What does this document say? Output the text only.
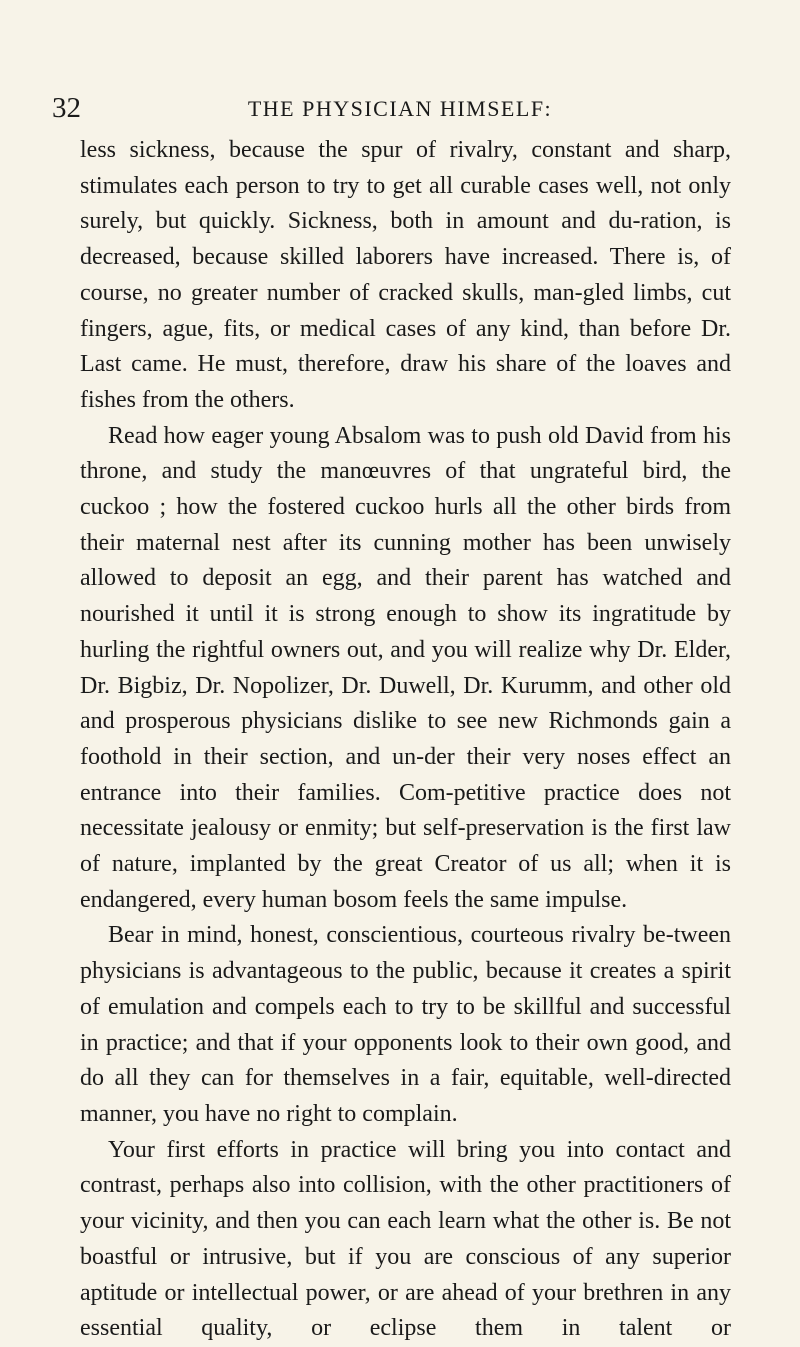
32	THE PHYSICIAN HIMSELF:

less sickness, because the spur of rivalry, constant and sharp, stimulates each person to try to get all curable cases well, not only surely, but quickly. Sickness, both in amount and du-ration, is decreased, because skilled laborers have increased. There is, of course, no greater number of cracked skulls, man-gled limbs, cut fingers, ague, fits, or medical cases of any kind, than before Dr. Last came. He must, therefore, draw his share of the loaves and fishes from the others.

Read how eager young Absalom was to push old David from his throne, and study the manœuvres of that ungrateful bird, the cuckoo ; how the fostered cuckoo hurls all the other birds from their maternal nest after its cunning mother has been unwisely allowed to deposit an egg, and their parent has watched and nourished it until it is strong enough to show its ingratitude by hurling the rightful owners out, and you will realize why Dr. Elder, Dr. Bigbiz, Dr. Nopolizer, Dr. Duwell, Dr. Kurumm, and other old and prosperous physicians dislike to see new Richmonds gain a foothold in their section, and un-der their very noses effect an entrance into their families. Com-petitive practice does not necessitate jealousy or enmity; but self-preservation is the first law of nature, implanted by the great Creator of us all; when it is endangered, every human bosom feels the same impulse.

Bear in mind, honest, conscientious, courteous rivalry be-tween physicians is advantageous to the public, because it creates a spirit of emulation and compels each to try to be skillful and successful in practice; and that if your opponents look to their own good, and do all they can for themselves in a fair, equitable, well-directed manner, you have no right to complain.

Your first efforts in practice will bring you into contact and contrast, perhaps also into collision, with the other practitioners of your vicinity, and then you can each learn what the other is. Be not boastful or intrusive, but if you are conscious of any superior aptitude or intellectual power, or are ahead of your brethren in any essential quality, or eclipse them in talent or
